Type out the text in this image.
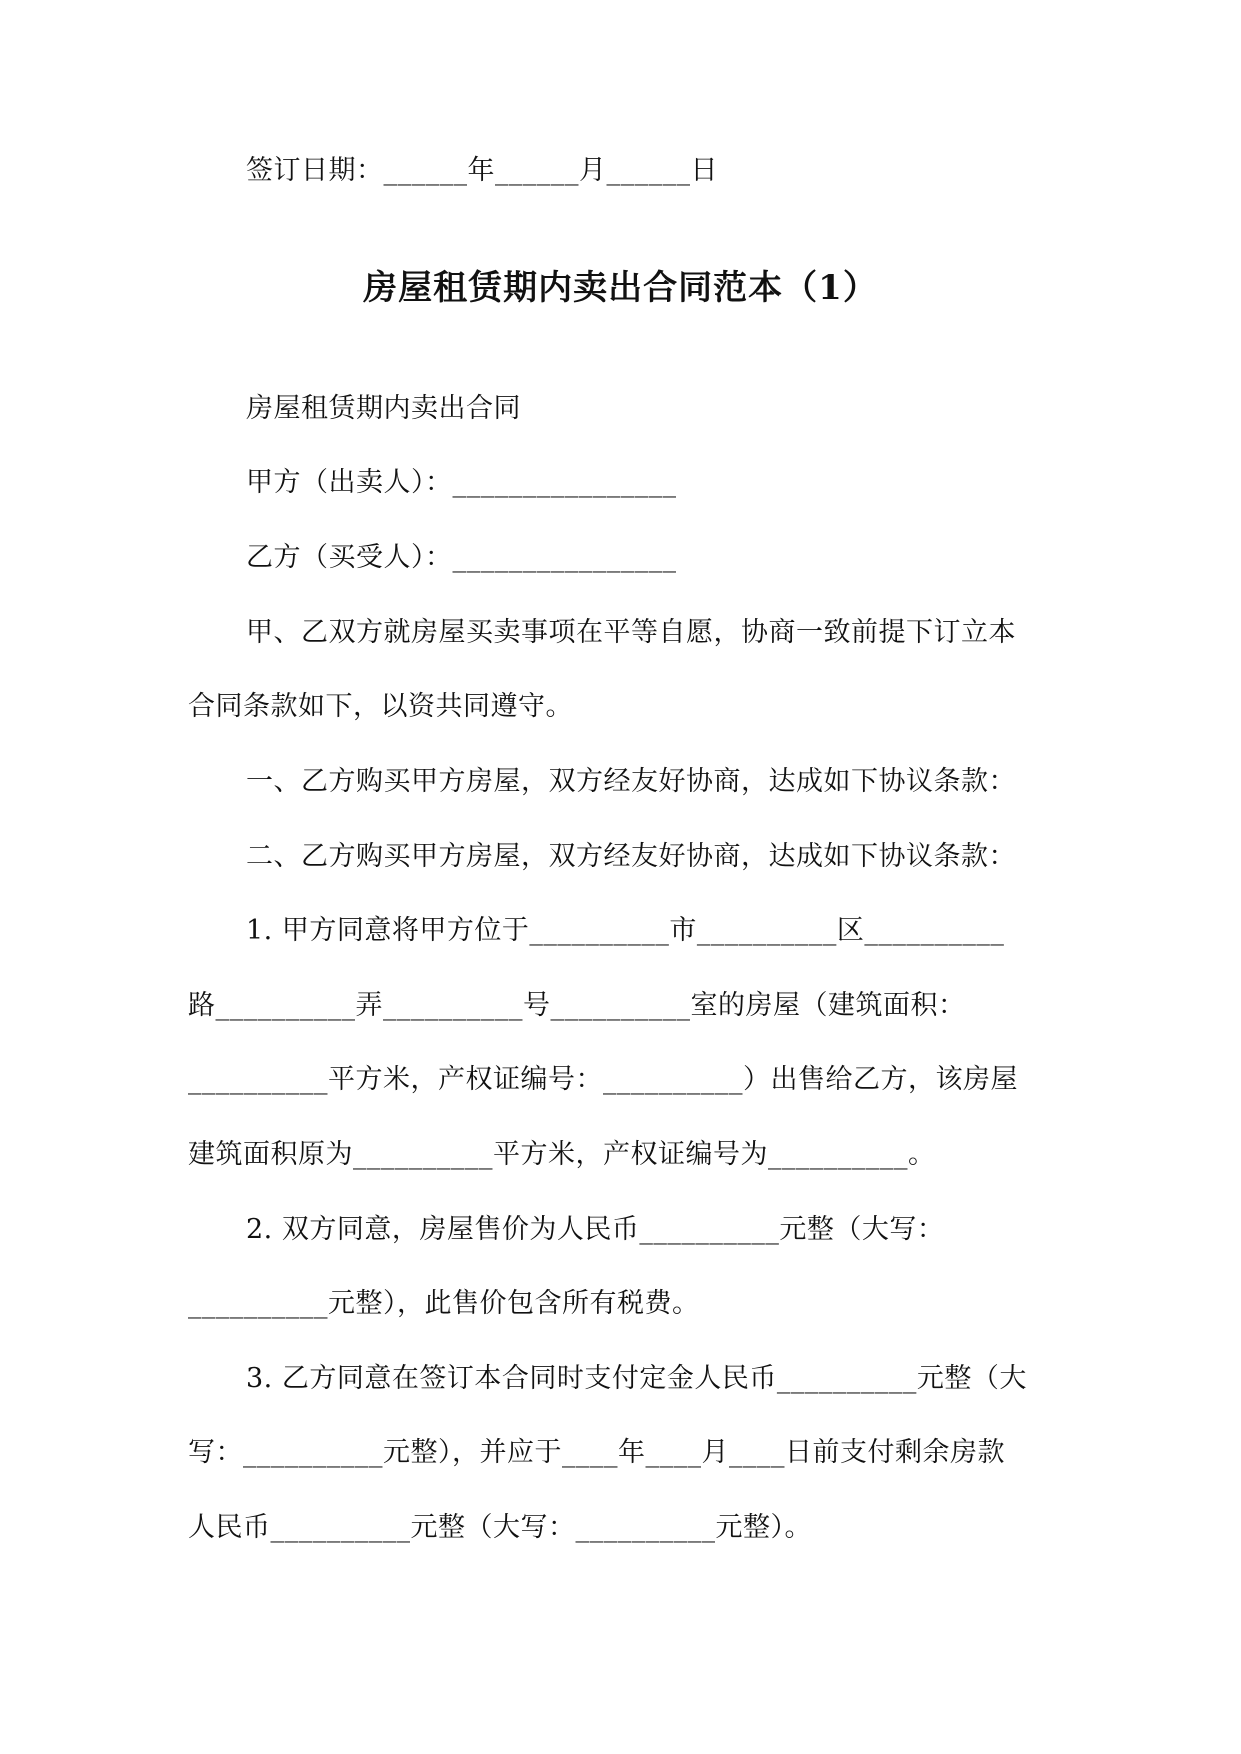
签订日期：______年______月______日
房屋租赁期内卖出合同范本（1）
房屋租赁期内卖出合同
甲方（出卖人）：________________
乙方（买受人）：________________
甲、乙双方就房屋买卖事项在平等自愿，协商一致前提下订立本
合同条款如下，以资共同遵守。
一、乙方购买甲方房屋，双方经友好协商，达成如下协议条款：
二、乙方购买甲方房屋，双方经友好协商，达成如下协议条款：
1. 甲方同意将甲方位于__________市__________区__________
路__________弄__________号__________室的房屋（建筑面积：
__________平方米，产权证编号：__________）出售给乙方，该房屋
建筑面积原为__________平方米，产权证编号为__________。
2. 双方同意，房屋售价为人民币__________元整（大写：
__________元整），此售价包含所有税费。
3. 乙方同意在签订本合同时支付定金人民币__________元整（大
写：__________元整），并应于____年____月____日前支付剩余房款
人民币__________元整（大写：__________元整）。
